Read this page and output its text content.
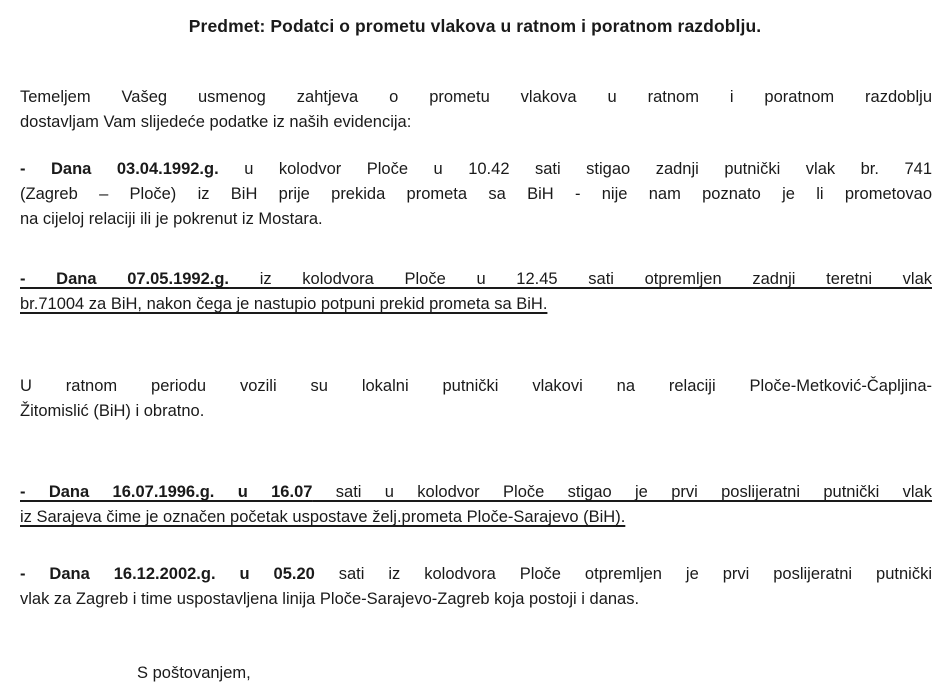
Predmet: Podatci o prometu vlakova u ratnom i poratnom razdoblju.
Temeljem Vašeg usmenog zahtjeva o prometu vlakova u ratnom i poratnom razdoblju
dostavljam Vam slijedeće podatke iz naših evidencija:
- Dana 03.04.1992.g. u kolodvor Ploče u 10.42 sati stigao zadnji putnički vlak br. 741
(Zagreb – Ploče) iz BiH prije prekida prometa sa BiH - nije nam poznato je li prometovao
na cijeloj relaciji ili je pokrenut iz Mostara.
- Dana 07.05.1992.g. iz kolodvora Ploče u 12.45 sati otpremljen zadnji teretni vlak
br.71004 za BiH, nakon čega je nastupio potpuni prekid prometa sa BiH.
U ratnom periodu vozili su lokalni putnički vlakovi na relaciji Ploče-Metković-Čapljina-
Žitomislić (BiH) i obratno.
- Dana 16.07.1996.g. u 16.07 sati u kolodvor Ploče stigao je prvi poslijeratni putnički vlak
iz Sarajeva čime je označen početak uspostave želj.prometa Ploče-Sarajevo (BiH).
- Dana 16.12.2002.g. u 05.20 sati iz kolodvora Ploče otpremljen je prvi poslijeratni putnički
vlak za Zagreb i time uspostavljena linija Ploče-Sarajevo-Zagreb koja postoji i danas.
S poštovanjem,
